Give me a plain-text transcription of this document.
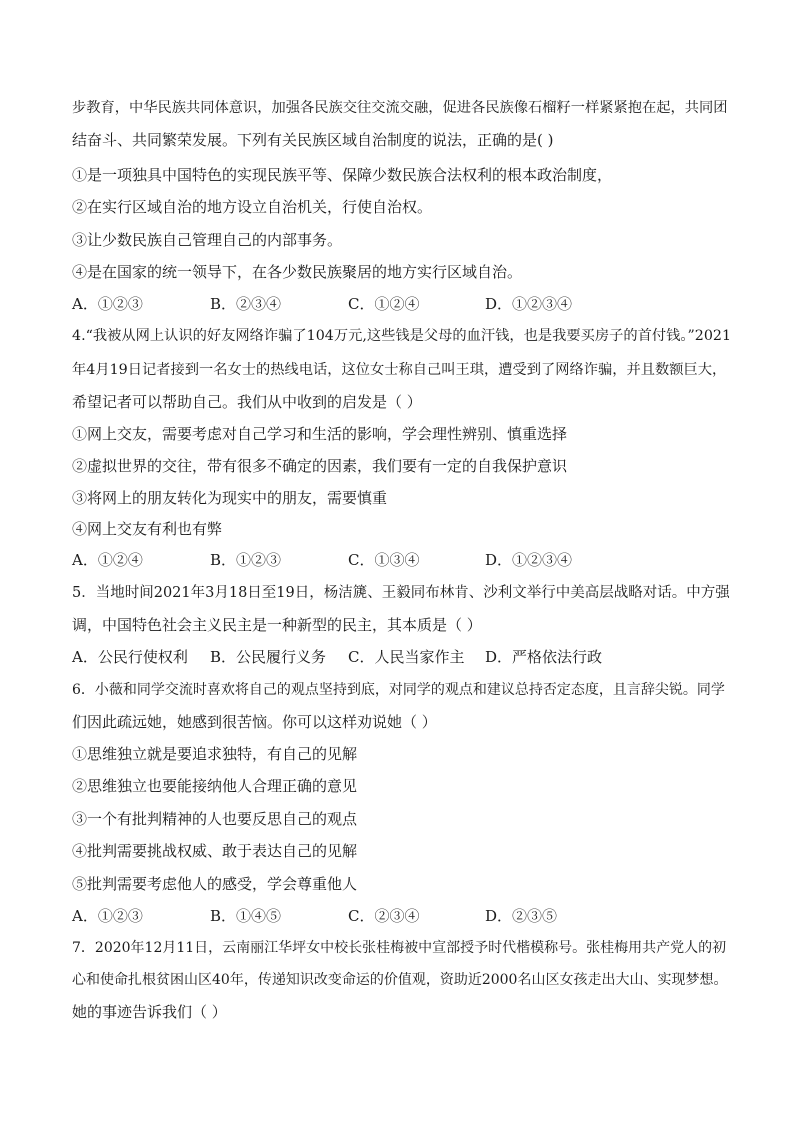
步教育，中华民族共同体意识，加强各民族交往交流交融，促进各民族像石榴籽一样紧紧抱在起，共同团
结奋斗、共同繁荣发展。下列有关民族区域自治制度的说法，正确的是( )
①是一项独具中国特色的实现民族平等、保障少数民族合法权利的根本政治制度，
②在实行区域自治的地方设立自治机关，行使自治权。
③让少数民族自己管理自己的内部事务。
④是在国家的统一领导下，在各少数民族聚居的地方实行区域自治。
A．①②③	B．②③④	C．①②④	D．①②③④
4.“我被从网上认识的好友网络诈骗了104万元,这些钱是父母的血汗钱，也是我要买房子的首付钱。”2021
年4月19日记者接到一名女士的热线电话，这位女士称自己叫王琪，遭受到了网络诈骗，并且数额巨大，
希望记者可以帮助自己。我们从中收到的启发是（ ）
①网上交友，需要考虑对自己学习和生活的影响，学会理性辨别、慎重选择
②虚拟世界的交往，带有很多不确定的因素，我们要有一定的自我保护意识
③将网上的朋友转化为现实中的朋友，需要慎重
④网上交友有利也有弊
A．①②④	B．①②③	C．①③④	D．①②③④
5．当地时间2021年3月18日至19日，杨洁篪、王毅同布林肯、沙利文举行中美高层战略对话。中方强
调，中国特色社会主义民主是一种新型的民主，其本质是（ ）
A．公民行使权利 B．公民履行义务 C．人民当家作主 D．严格依法行政
6．小薇和同学交流时喜欢将自己的观点坚持到底，对同学的观点和建议总持否定态度，且言辞尖锐。同学
们因此疏远她，她感到很苦恼。你可以这样劝说她（ ）
①思维独立就是要追求独特，有自己的见解
②思维独立也要能接纳他人合理正确的意见
③一个有批判精神的人也要反思自己的观点
④批判需要挑战权威、敢于表达自己的见解
⑤批判需要考虑他人的感受，学会尊重他人
A．①②③	B．①④⑤	C．②③④	D．②③⑤
7．2020年12月11日，云南丽江华坪女中校长张桂梅被中宣部授予时代楷模称号。张桂梅用共产党人的初
心和使命扎根贫困山区40年，传递知识改变命运的价值观，资助近2000名山区女孩走出大山、实现梦想。
她的事迹告诉我们（ ）
